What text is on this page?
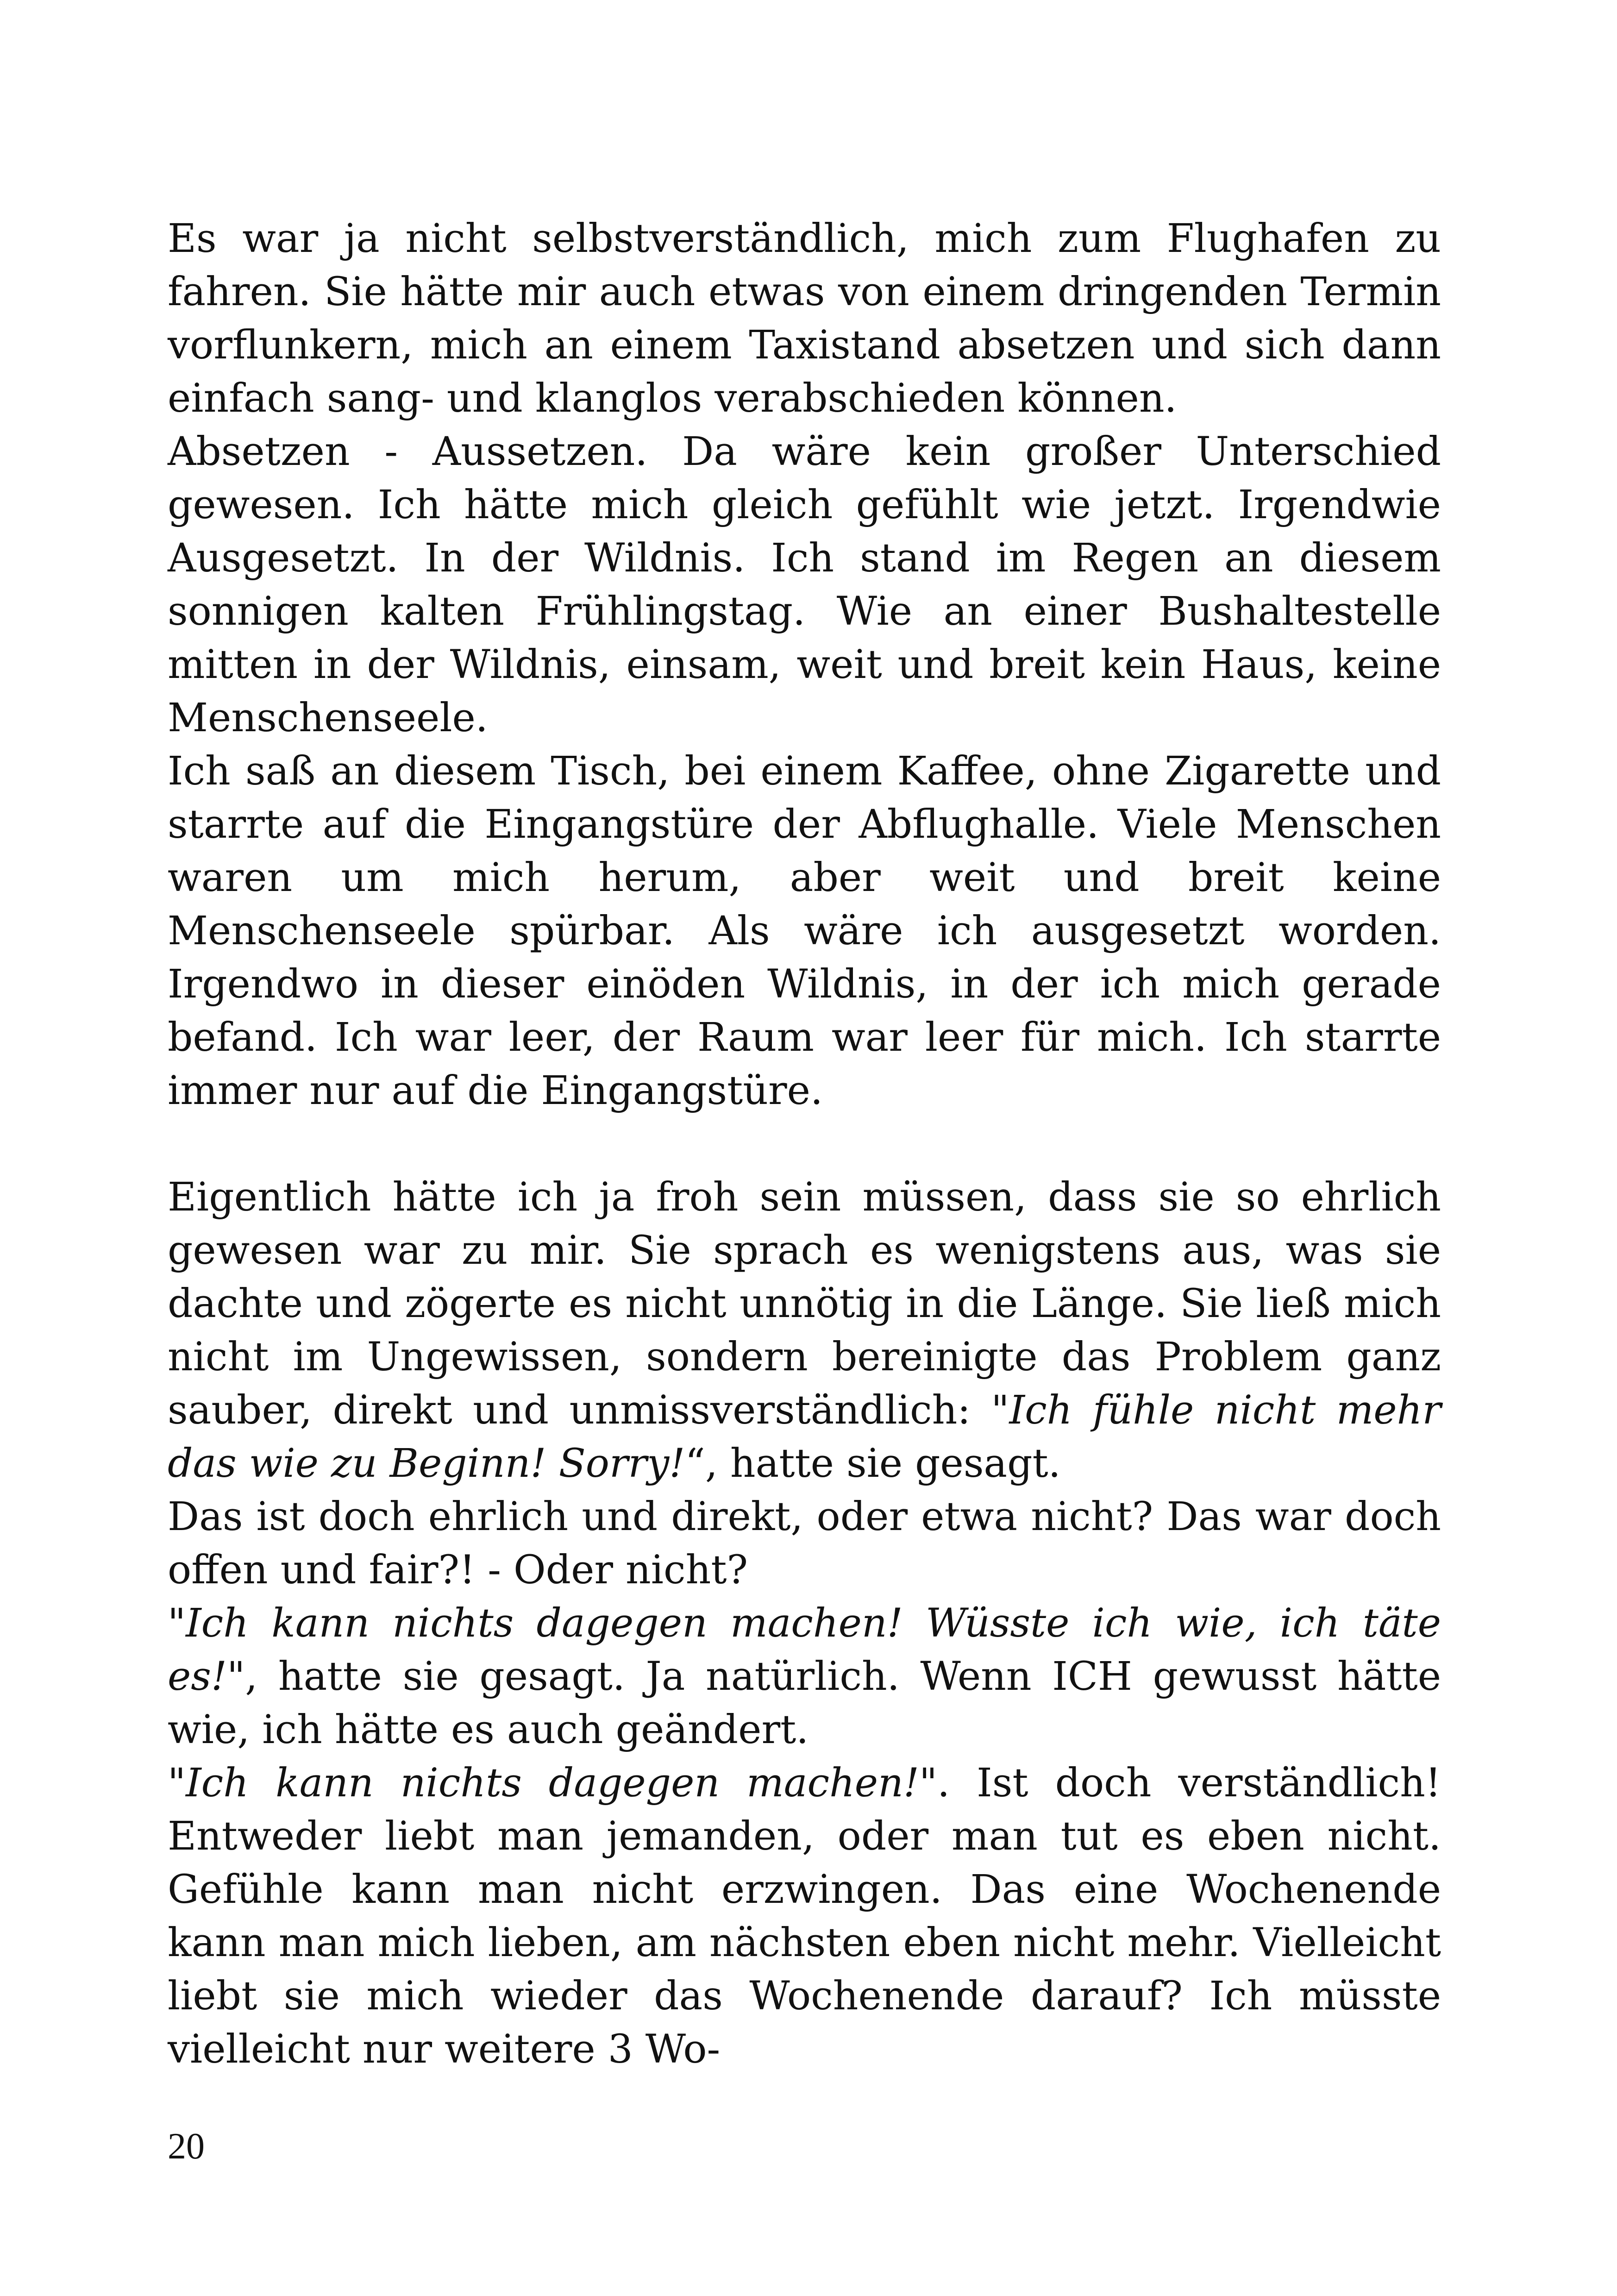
Es war ja nicht selbstverständlich, mich zum Flughafen zu fahren. Sie hätte mir auch etwas von einem dringenden Termin vorflunkern, mich an einem Taxistand absetzen und sich dann einfach sang- und klanglos verabschieden können.

Absetzen - Aussetzen. Da wäre kein großer Unterschied gewesen. Ich hätte mich gleich gefühlt wie jetzt. Irgendwie Ausgesetzt. In der Wildnis. Ich stand im Regen an diesem sonnigen kalten Frühlingstag. Wie an einer Bushaltestelle mitten in der Wildnis, einsam, weit und breit kein Haus, keine Menschenseele.

Ich saß an diesem Tisch, bei einem Kaffee, ohne Zigarette und starrte auf die Eingangstüre der Abflughalle. Viele Menschen waren um mich herum, aber weit und breit keine Menschenseele spürbar. Als wäre ich ausgesetzt worden. Irgendwo in dieser einöden Wildnis, in der ich mich gerade befand. Ich war leer, der Raum war leer für mich. Ich starrte immer nur auf die Eingangstüre.

Eigentlich hätte ich ja froh sein müssen, dass sie so ehrlich gewesen war zu mir. Sie sprach es wenigstens aus, was sie dachte und zögerte es nicht unnötig in die Länge. Sie ließ mich nicht im Ungewissen, sondern bereinigte das Problem ganz sauber, direkt und unmissverständlich: "Ich fühle nicht mehr das wie zu Beginn! Sorry!“, hatte sie gesagt.

Das ist doch ehrlich und direkt, oder etwa nicht? Das war doch offen und fair?! - Oder nicht?

"Ich kann nichts dagegen machen! Wüsste ich wie, ich täte es!", hatte sie gesagt. Ja natürlich. Wenn ICH gewusst hätte wie, ich hätte es auch geändert.

"Ich kann nichts dagegen machen!". Ist doch verständlich! Entweder liebt man jemanden, oder man tut es eben nicht. Gefühle kann man nicht erzwingen. Das eine Wochenende kann man mich lieben, am nächsten eben nicht mehr. Vielleicht liebt sie mich wieder das Wochenende darauf? Ich müsste vielleicht nur weitere 3 Wo-

20
